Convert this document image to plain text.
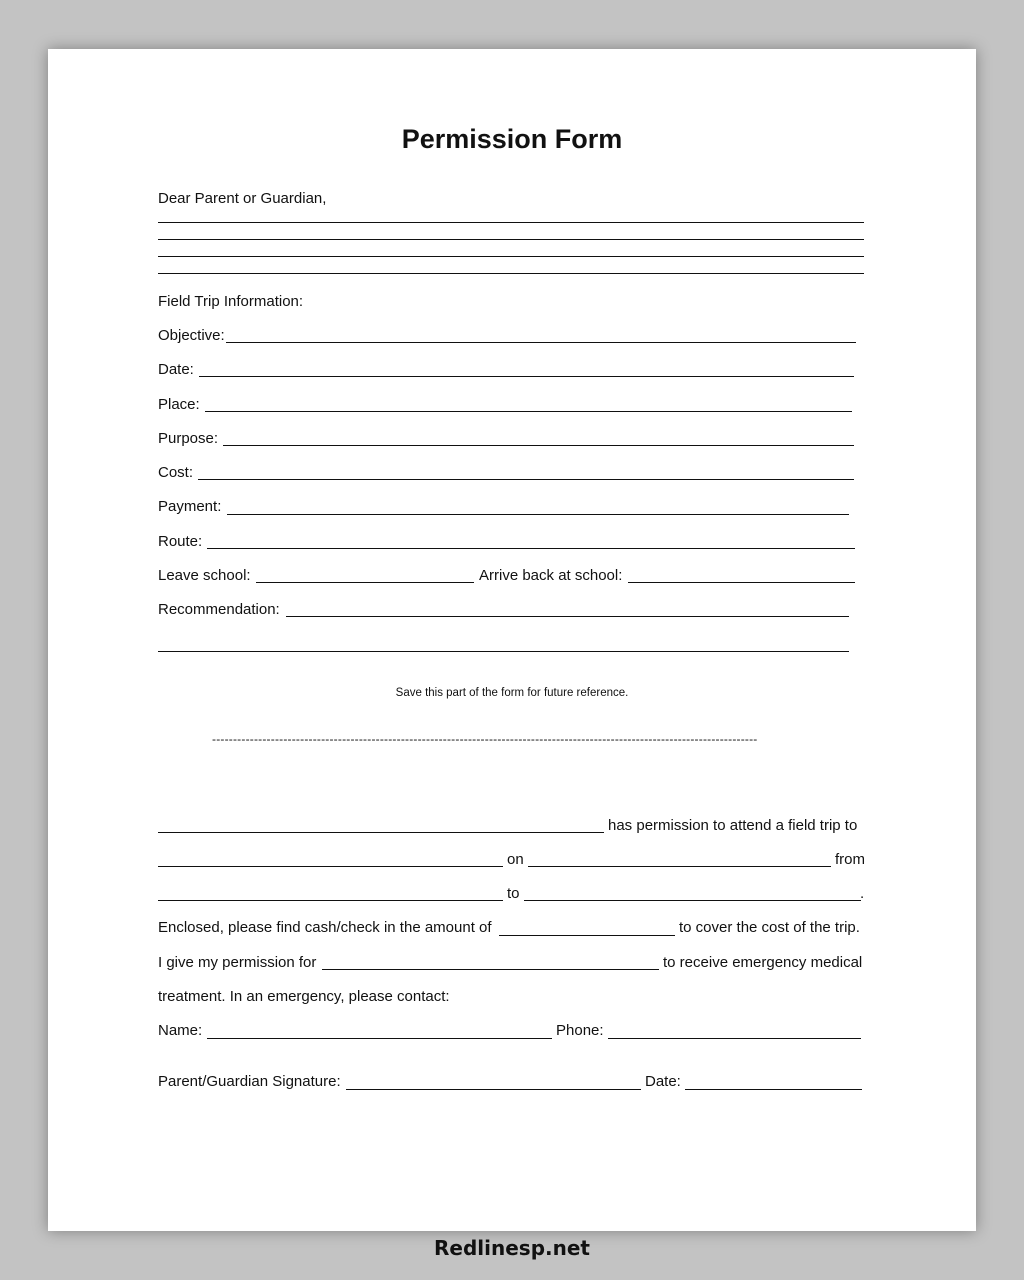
Permission Form
Dear Parent or Guardian,
Field Trip Information:
Objective:
Date:
Place:
Purpose:
Cost:
Payment:
Route:
Leave school:	Arrive back at school:
Recommendation:
Save this part of the form for future reference.
----------------------------------------------------------------------------------------------------------------------------------
has permission to attend a field trip to
on	from
to	.
Enclosed, please find cash/check in the amount of	to cover the cost of the trip.
I give my permission for	to receive emergency medical
treatment. In an emergency, please contact:
Name:	Phone:
Parent/Guardian Signature:	Date:
Redlinesp.net
